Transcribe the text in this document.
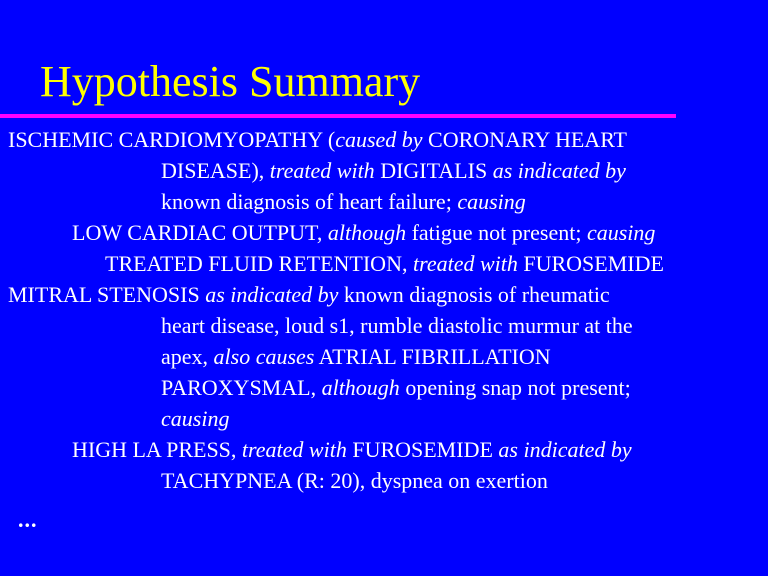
Hypothesis Summary
ISCHEMIC CARDIOMYOPATHY (caused by CORONARY HEART
DISEASE), treated with DIGITALIS as indicated by
known diagnosis of heart failure; causing
LOW CARDIAC OUTPUT, although fatigue not present; causing
TREATED FLUID RETENTION, treated with FUROSEMIDE
MITRAL STENOSIS as indicated by known diagnosis of rheumatic
heart disease, loud s1, rumble diastolic murmur at the
apex, also causes ATRIAL FIBRILLATION
PAROXYSMAL, although opening snap not present;
causing
HIGH LA PRESS, treated with FUROSEMIDE as indicated by
TACHYPNEA (R: 20), dyspnea on exertion
...
